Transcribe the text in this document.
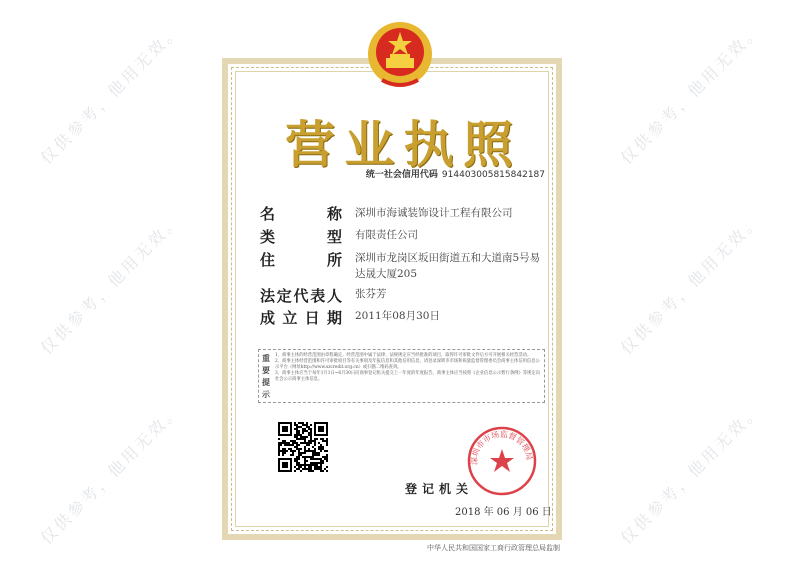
营 业 执 照
统一社会信用代码 91440300581584218​7
名	称 深圳市海诚装饰设计工程有限公司
类	型 有限责任公司
住	所 深圳市龙岗区坂田街道五和大道南5号易达晟大厦205
法 定 代 表 人 张芬芳
成 立 日 期 2011年08月30日
重要提示
1、商事主体的经营范围由章程确定。经营范围中属于法律、法规规定应当经批准的项目，取得许可审批文件后方可开展相关经营活动。
2、商事主体经营范围和许可审批项目等有关事项及年报信息和其他信用信息，请登录深圳市市场和质量监督管理委员会商事主体信用信息公示平台（网址http://www.szcredit.org.cn）或扫描二维码查询。
3、商事主体应当于每年1月1日~6月30日向商事登记机关提交上一年度的年度报告。商事主体应当按照《企业信息公示暂行条例》等规定向社会公示商事主体信息。
登记机关
2018 年 06 月 06 日
深圳市市场监督管理局
中华人民共和国国家工商行政管理总局监制
仅供参考，他用无效。
仅供参考，他用无效。
仅供参考，他用无效。
仅供参考，他用无效。
仅供参考，他用无效。
仅供参考，他用无效。
